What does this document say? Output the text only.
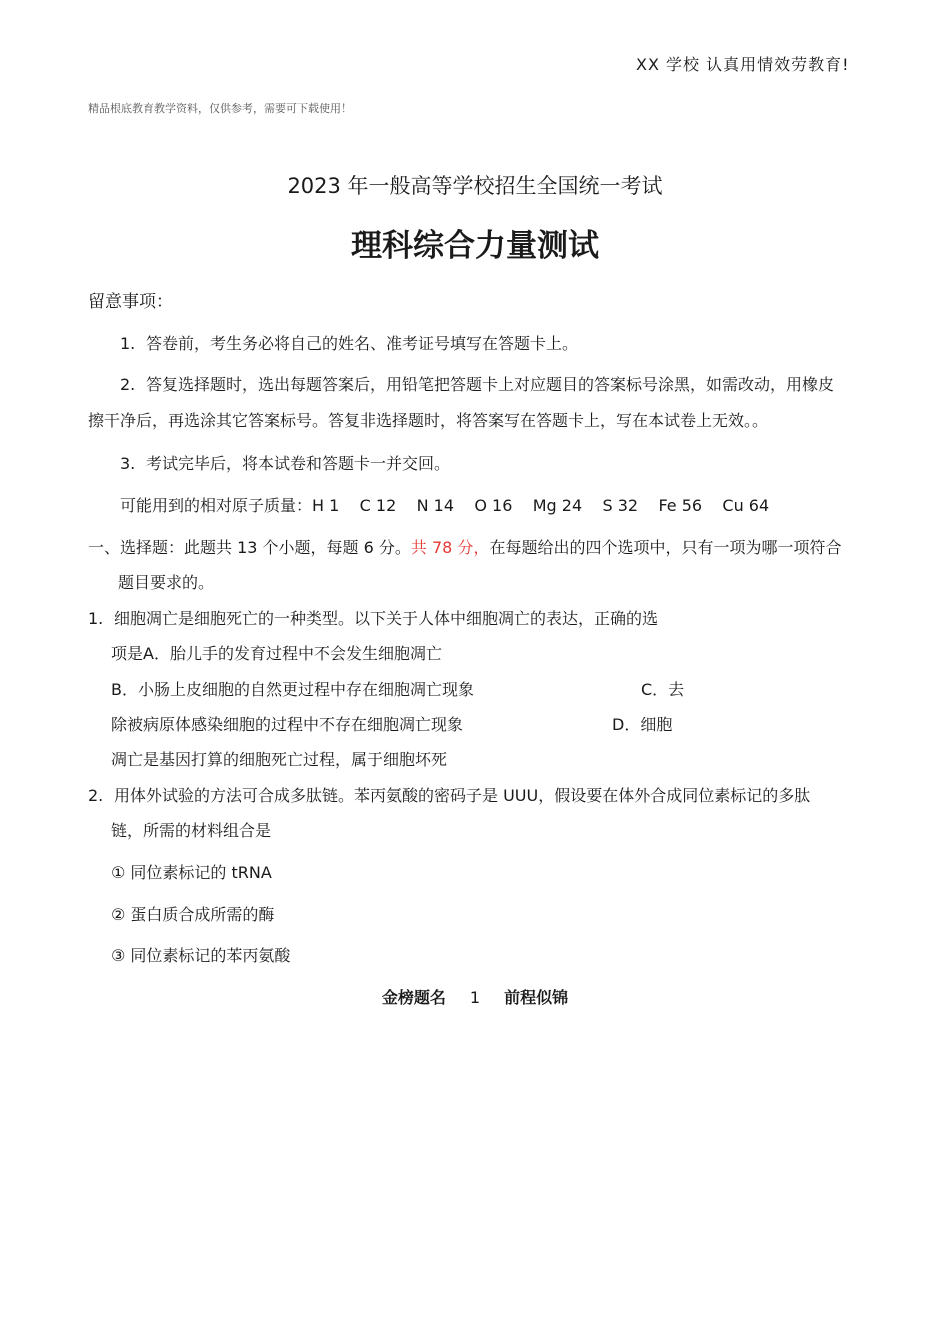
XX 学校 认真用情效劳教育!
精品根底教育教学资料，仅供参考，需要可下载使用！
2023 年一般高等学校招生全国统一考试
理科综合力量测试
留意事项：
1. 答卷前，考生务必将自己的姓名、准考证号填写在答题卡上。
2. 答复选择题时，选出每题答案后，用铅笔把答题卡上对应题目的答案标号涂黑，如需改动，用橡皮
擦干净后，再选涂其它答案标号。答复非选择题时，将答案写在答题卡上，写在本试卷上无效。。
3. 考试完毕后，将本试卷和答题卡一并交回。
可能用到的相对原子质量：H 1    C 12    N 14    O 16    Mg 24    S 32    Fe 56    Cu 64
一、选择题：此题共 13 个小题，每题 6 分。共 78 分，在每题给出的四个选项中，只有一项为哪一项符合
题目要求的。
1. 细胞凋亡是细胞死亡的一种类型。以下关于人体中细胞凋亡的表达，正确的选
项是A．胎儿手的发育过程中不会发生细胞凋亡
B．小肠上皮细胞的自然更过程中存在细胞凋亡现象	C．去
除被病原体感染细胞的过程中不存在细胞凋亡现象	D．细胞
凋亡是基因打算的细胞死亡过程，属于细胞坏死
2. 用体外试验的方法可合成多肽链。苯丙氨酸的密码子是 UUU，假设要在体外合成同位素标记的多肽
链，所需的材料组合是
① 同位素标记的 tRNA
② 蛋白质合成所需的酶
③ 同位素标记的苯丙氨酸
金榜题名 1 前程似锦
